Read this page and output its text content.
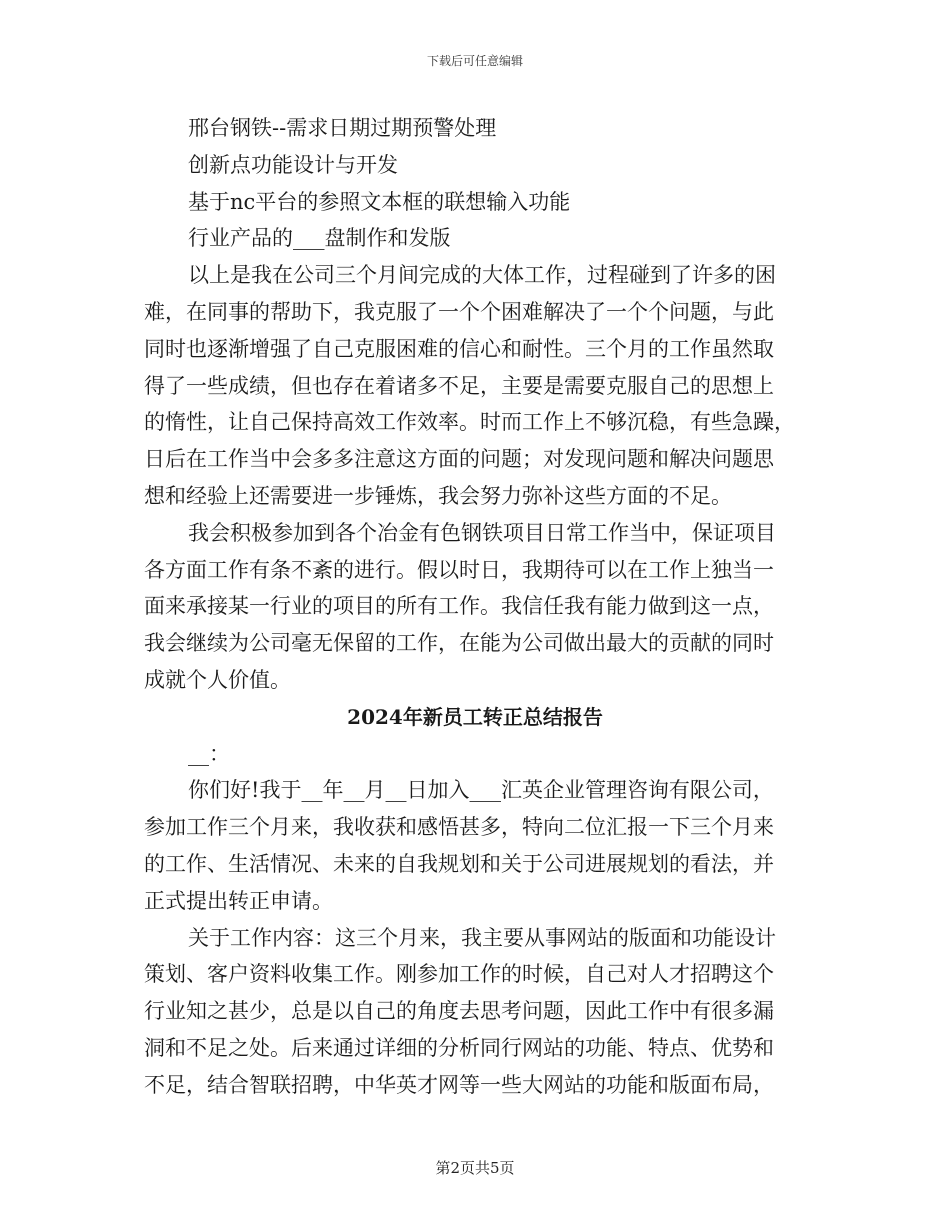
下载后可任意编辑
邢台钢铁--需求日期过期预警处理
创新点功能设计与开发
基于nc平台的参照文本框的联想输入功能
行业产品的___盘制作和发版
以上是我在公司三个月间完成的大体工作，过程碰到了许多的困
难，在同事的帮助下，我克服了一个个困难解决了一个个问题，与此
同时也逐渐增强了自己克服困难的信心和耐性。三个月的工作虽然取
得了一些成绩，但也存在着诸多不足，主要是需要克服自己的思想上
的惰性，让自己保持高效工作效率。时而工作上不够沉稳，有些急躁，
日后在工作当中会多多注意这方面的问题；对发现问题和解决问题思
想和经验上还需要进一步锤炼，我会努力弥补这些方面的不足。
我会积极参加到各个冶金有色钢铁项目日常工作当中，保证项目
各方面工作有条不紊的进行。假以时日，我期待可以在工作上独当一
面来承接某一行业的项目的所有工作。我信任我有能力做到这一点，
我会继续为公司毫无保留的工作，在能为公司做出最大的贡献的同时
成就个人价值。
2024年新员工转正总结报告
__：
你们好!我于__年__月__日加入___汇英企业管理咨询有限公司，
参加工作三个月来，我收获和感悟甚多，特向二位汇报一下三个月来
的工作、生活情况、未来的自我规划和关于公司进展规划的看法，并
正式提出转正申请。
关于工作内容：这三个月来，我主要从事网站的版面和功能设计
策划、客户资料收集工作。刚参加工作的时候，自己对人才招聘这个
行业知之甚少，总是以自己的角度去思考问题，因此工作中有很多漏
洞和不足之处。后来通过详细的分析同行网站的功能、特点、优势和
不足，结合智联招聘，中华英才网等一些大网站的功能和版面布局，
第2页共5页
